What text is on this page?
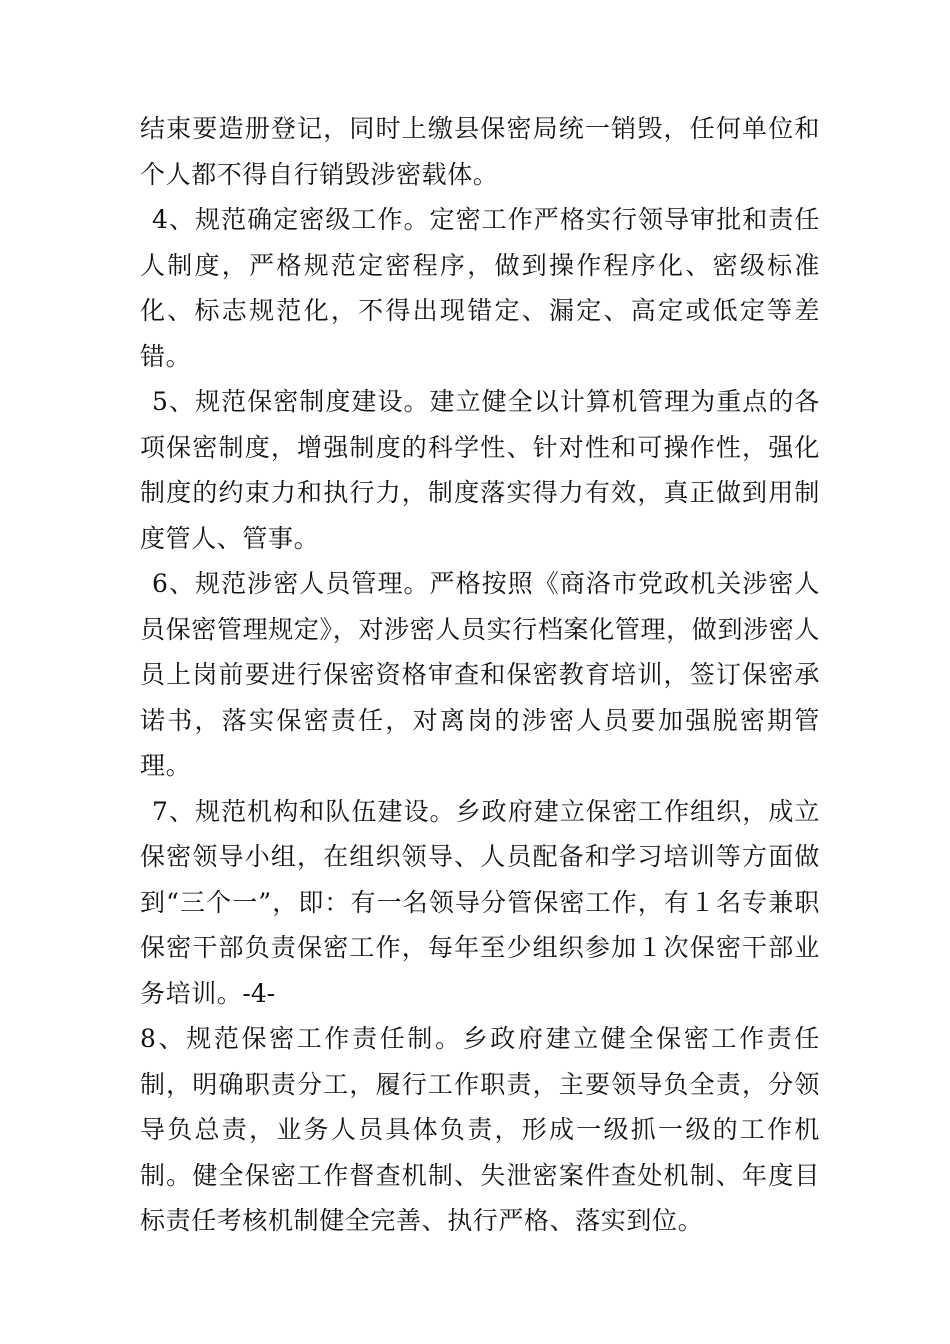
结束要造册登记，同时上缴县保密局统一销毁，任何单位和个人都不得自行销毁涉密载体。

4、规范确定密级工作。定密工作严格实行领导审批和责任人制度，严格规范定密程序，做到操作程序化、密级标准化、标志规范化，不得出现错定、漏定、高定或低定等差错。

5、规范保密制度建设。建立健全以计算机管理为重点的各项保密制度，增强制度的科学性、针对性和可操作性，强化制度的约束力和执行力，制度落实得力有效，真正做到用制度管人、管事。

6、规范涉密人员管理。严格按照《商洛市党政机关涉密人员保密管理规定》，对涉密人员实行档案化管理，做到涉密人员上岗前要进行保密资格审查和保密教育培训，签订保密承诺书，落实保密责任，对离岗的涉密人员要加强脱密期管理。

7、规范机构和队伍建设。乡政府建立保密工作组织，成立保密领导小组，在组织领导、人员配备和学习培训等方面做到“三个一”，即：有一名领导分管保密工作，有１名专兼职保密干部负责保密工作，每年至少组织参加１次保密干部业务培训。-4-

8、规范保密工作责任制。乡政府建立健全保密工作责任制，明确职责分工，履行工作职责，主要领导负全责，分领导负总责，业务人员具体负责，形成一级抓一级的工作机制。健全保密工作督查机制、失泄密案件查处机制、年度目标责任考核机制健全完善、执行严格、落实到位。
